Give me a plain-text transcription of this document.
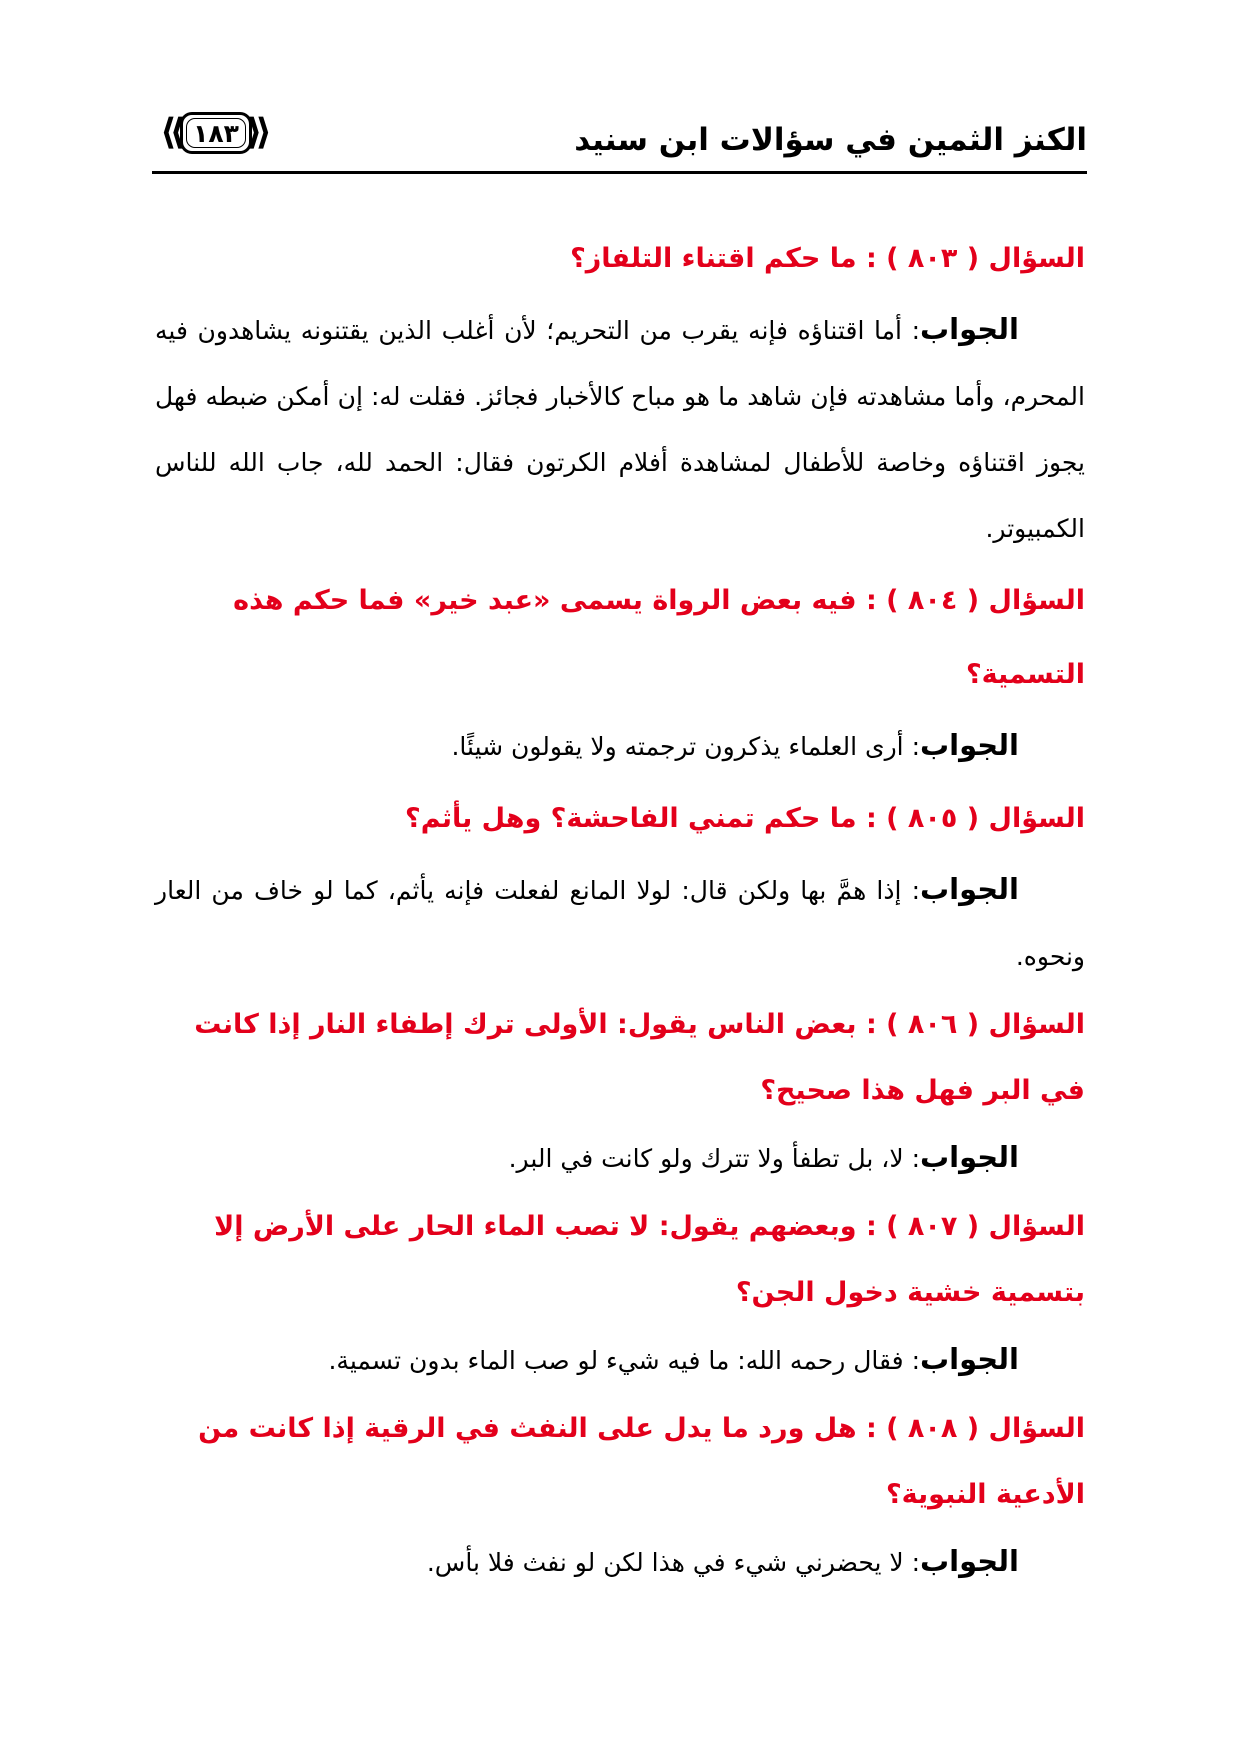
الكنز الثمين في سؤالات ابن سنيد
⟪ ١٨٣ ⟫

السؤال ( ٨٠٣ ) : ما حكم اقتناء التلفاز؟

الجواب: أما اقتناؤه فإنه يقرب من التحريم؛ لأن أغلب الذين يقتنونه يشاهدون فيه المحرم، وأما مشاهدته فإن شاهد ما هو مباح كالأخبار فجائز. فقلت له: إن أمكن ضبطه فهل يجوز اقتناؤه وخاصة للأطفال لمشاهدة أفلام الكرتون فقال: الحمد لله، جاب الله للناس الكمبيوتر.

السؤال ( ٨٠٤ ) : فيه بعض الرواة يسمى «عبد خير» فما حكم هذه التسمية؟

الجواب: أرى العلماء يذكرون ترجمته ولا يقولون شيئًا.

السؤال ( ٨٠٥ ) : ما حكم تمني الفاحشة؟ وهل يأثم؟

الجواب: إذا همَّ بها ولكن قال: لولا المانع لفعلت فإنه يأثم، كما لو خاف من العار ونحوه.

السؤال ( ٨٠٦ ) : بعض الناس يقول: الأولى ترك إطفاء النار إذا كانت في البر فهل هذا صحيح؟

الجواب: لا، بل تطفأ ولا تترك ولو كانت في البر.

السؤال ( ٨٠٧ ) : وبعضهم يقول: لا تصب الماء الحار على الأرض إلا بتسمية خشية دخول الجن؟

الجواب: فقال رحمه الله: ما فيه شيء لو صب الماء بدون تسمية.

السؤال ( ٨٠٨ ) : هل ورد ما يدل على النفث في الرقية إذا كانت من الأدعية النبوية؟

الجواب: لا يحضرني شيء في هذا لكن لو نفث فلا بأس.
